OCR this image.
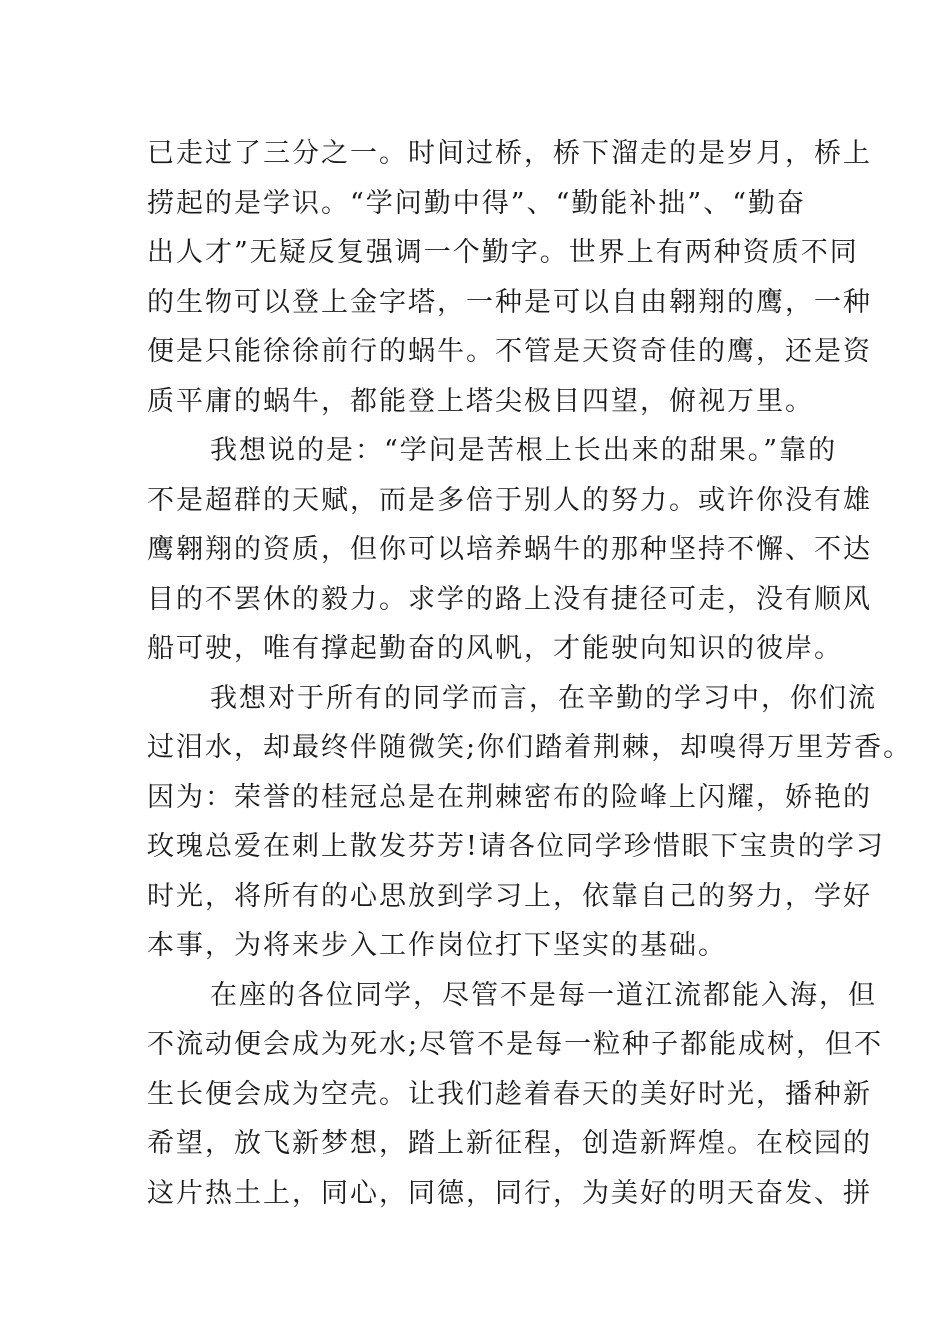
已走过了三分之一。时间过桥，桥下溜走的是岁月，桥上
捞起的是学识。“学问勤中得”、“勤能补拙”、“勤奋
出人才”无疑反复强调一个勤字。世界上有两种资质不同
的生物可以登上金字塔，一种是可以自由翱翔的鹰，一种
便是只能徐徐前行的蜗牛。不管是天资奇佳的鹰，还是资
质平庸的蜗牛，都能登上塔尖极目四望，俯视万里。
我想说的是：“学问是苦根上长出来的甜果。”靠的
不是超群的天赋，而是多倍于别人的努力。或许你没有雄
鹰翱翔的资质，但你可以培养蜗牛的那种坚持不懈、不达
目的不罢休的毅力。求学的路上没有捷径可走，没有顺风
船可驶，唯有撑起勤奋的风帆，才能驶向知识的彼岸。
我想对于所有的同学而言，在辛勤的学习中，你们流
过泪水，却最终伴随微笑;你们踏着荆棘，却嗅得万里芳香。
因为：荣誉的桂冠总是在荆棘密布的险峰上闪耀，娇艳的
玫瑰总爱在刺上散发芬芳!请各位同学珍惜眼下宝贵的学习
时光，将所有的心思放到学习上，依靠自己的努力，学好
本事，为将来步入工作岗位打下坚实的基础。
在座的各位同学，尽管不是每一道江流都能入海，但
不流动便会成为死水;尽管不是每一粒种子都能成树，但不
生长便会成为空壳。让我们趁着春天的美好时光，播种新
希望，放飞新梦想，踏上新征程，创造新辉煌。在校园的
这片热土上，同心，同德，同行，为美好的明天奋发、拼
